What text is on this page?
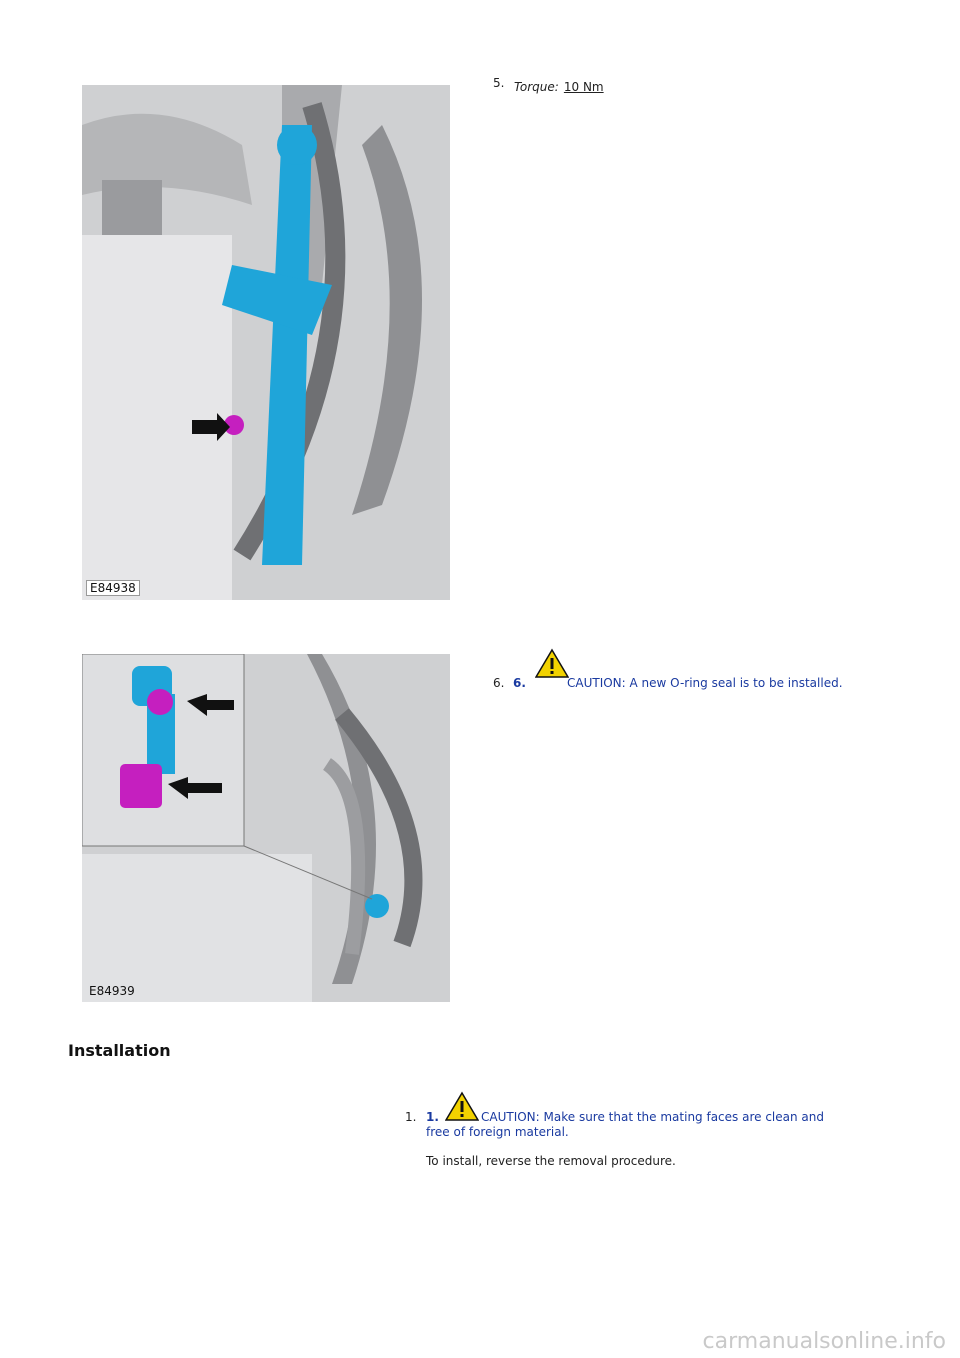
E84938
5. Torque: 10 Nm
E84939
6. 6.	CAUTION: A new O-ring seal is to be installed.
Installation
1. 1.	CAUTION: Make sure that the mating faces are clean and
free of foreign material.
To install, reverse the removal procedure.
carmanualsonline.info
